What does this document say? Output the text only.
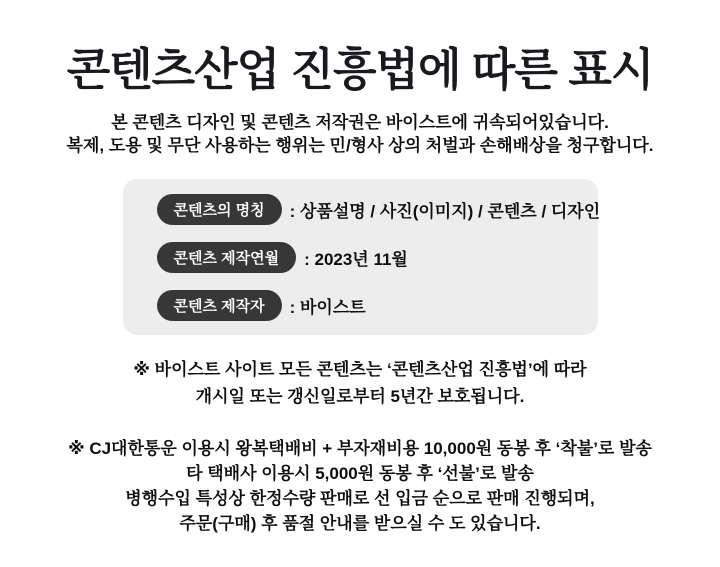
콘텐츠산업 진흥법에 따른 표시
본 콘텐츠 디자인 및 콘텐츠 저작권은 바이스트에 귀속되어있습니다.
복제, 도용 및 무단 사용하는 행위는 민/형사 상의 처벌과 손해배상을 청구합니다.
콘텐츠의 명칭	: 상품설명 / 사진(이미지) / 콘텐츠 / 디자인
콘텐츠 제작연월	: 2023년 11월
콘텐츠 제작자	: 바이스트
※ 바이스트 사이트 모든 콘텐츠는 ‘콘텐츠산업 진흥법’에 따라
개시일 또는 갱신일로부터 5년간 보호됩니다.
※ CJ대한통운 이용시 왕복택배비 + 부자재비용 10,000원 동봉 후 ‘착불’로 발송
타 택배사 이용시 5,000원 동봉 후 ‘선불’로 발송
병행수입 특성상 한정수량 판매로 선 입금 순으로 판매 진행되며,
주문(구매) 후 품절 안내를 받으실 수 도 있습니다.
